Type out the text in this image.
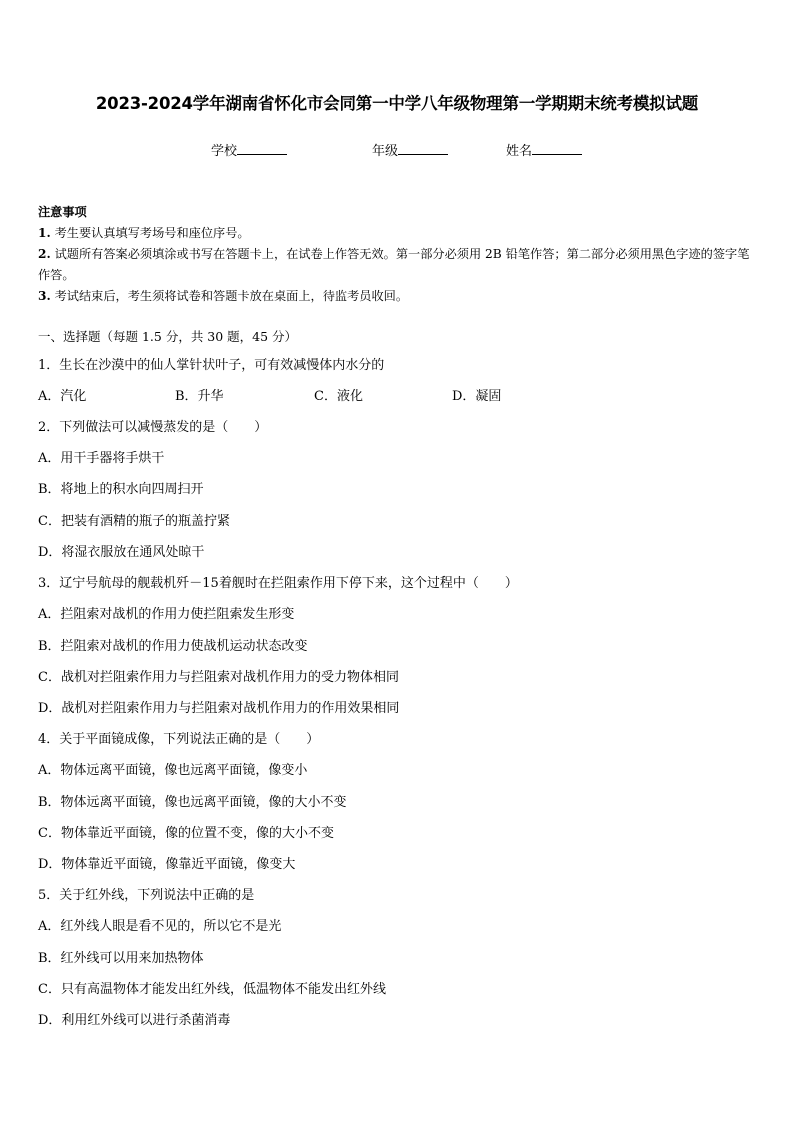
2023-2024学年湖南省怀化市会同第一中学八年级物理第一学期期末统考模拟试题
学校	年级	姓名
注意事项
1. 考生要认真填写考场号和座位序号。
2. 试题所有答案必须填涂或书写在答题卡上，在试卷上作答无效。第一部分必须用 2B 铅笔作答；第二部分必须用黑色字迹的签字笔作答。
3. 考试结束后，考生须将试卷和答题卡放在桌面上，待监考员收回。
一、选择题（每题 1.5 分，共 30 题，45 分）
1．生长在沙漠中的仙人掌针状叶子，可有效减慢体内水分的
A．汽化	B．升华	C．液化	D．凝固
2．下列做法可以减慢蒸发的是（　　）
A．用干手器将手烘干
B．将地上的积水向四周扫开
C．把装有酒精的瓶子的瓶盖拧紧
D．将湿衣服放在通风处晾干
3．辽宁号航母的舰载机歼－15着舰时在拦阻索作用下停下来，这个过程中（　　）
A．拦阻索对战机的作用力使拦阻索发生形变
B．拦阻索对战机的作用力使战机运动状态改变
C．战机对拦阻索作用力与拦阻索对战机作用力的受力物体相同
D．战机对拦阻索作用力与拦阻索对战机作用力的作用效果相同
4．关于平面镜成像，下列说法正确的是（　　）
A．物体远离平面镜，像也远离平面镜，像变小
B．物体远离平面镜，像也远离平面镜，像的大小不变
C．物体靠近平面镜，像的位置不变，像的大小不变
D．物体靠近平面镜，像靠近平面镜，像变大
5．关于红外线，下列说法中正确的是
A．红外线人眼是看不见的，所以它不是光
B．红外线可以用来加热物体
C．只有高温物体才能发出红外线，低温物体不能发出红外线
D．利用红外线可以进行杀菌消毒
